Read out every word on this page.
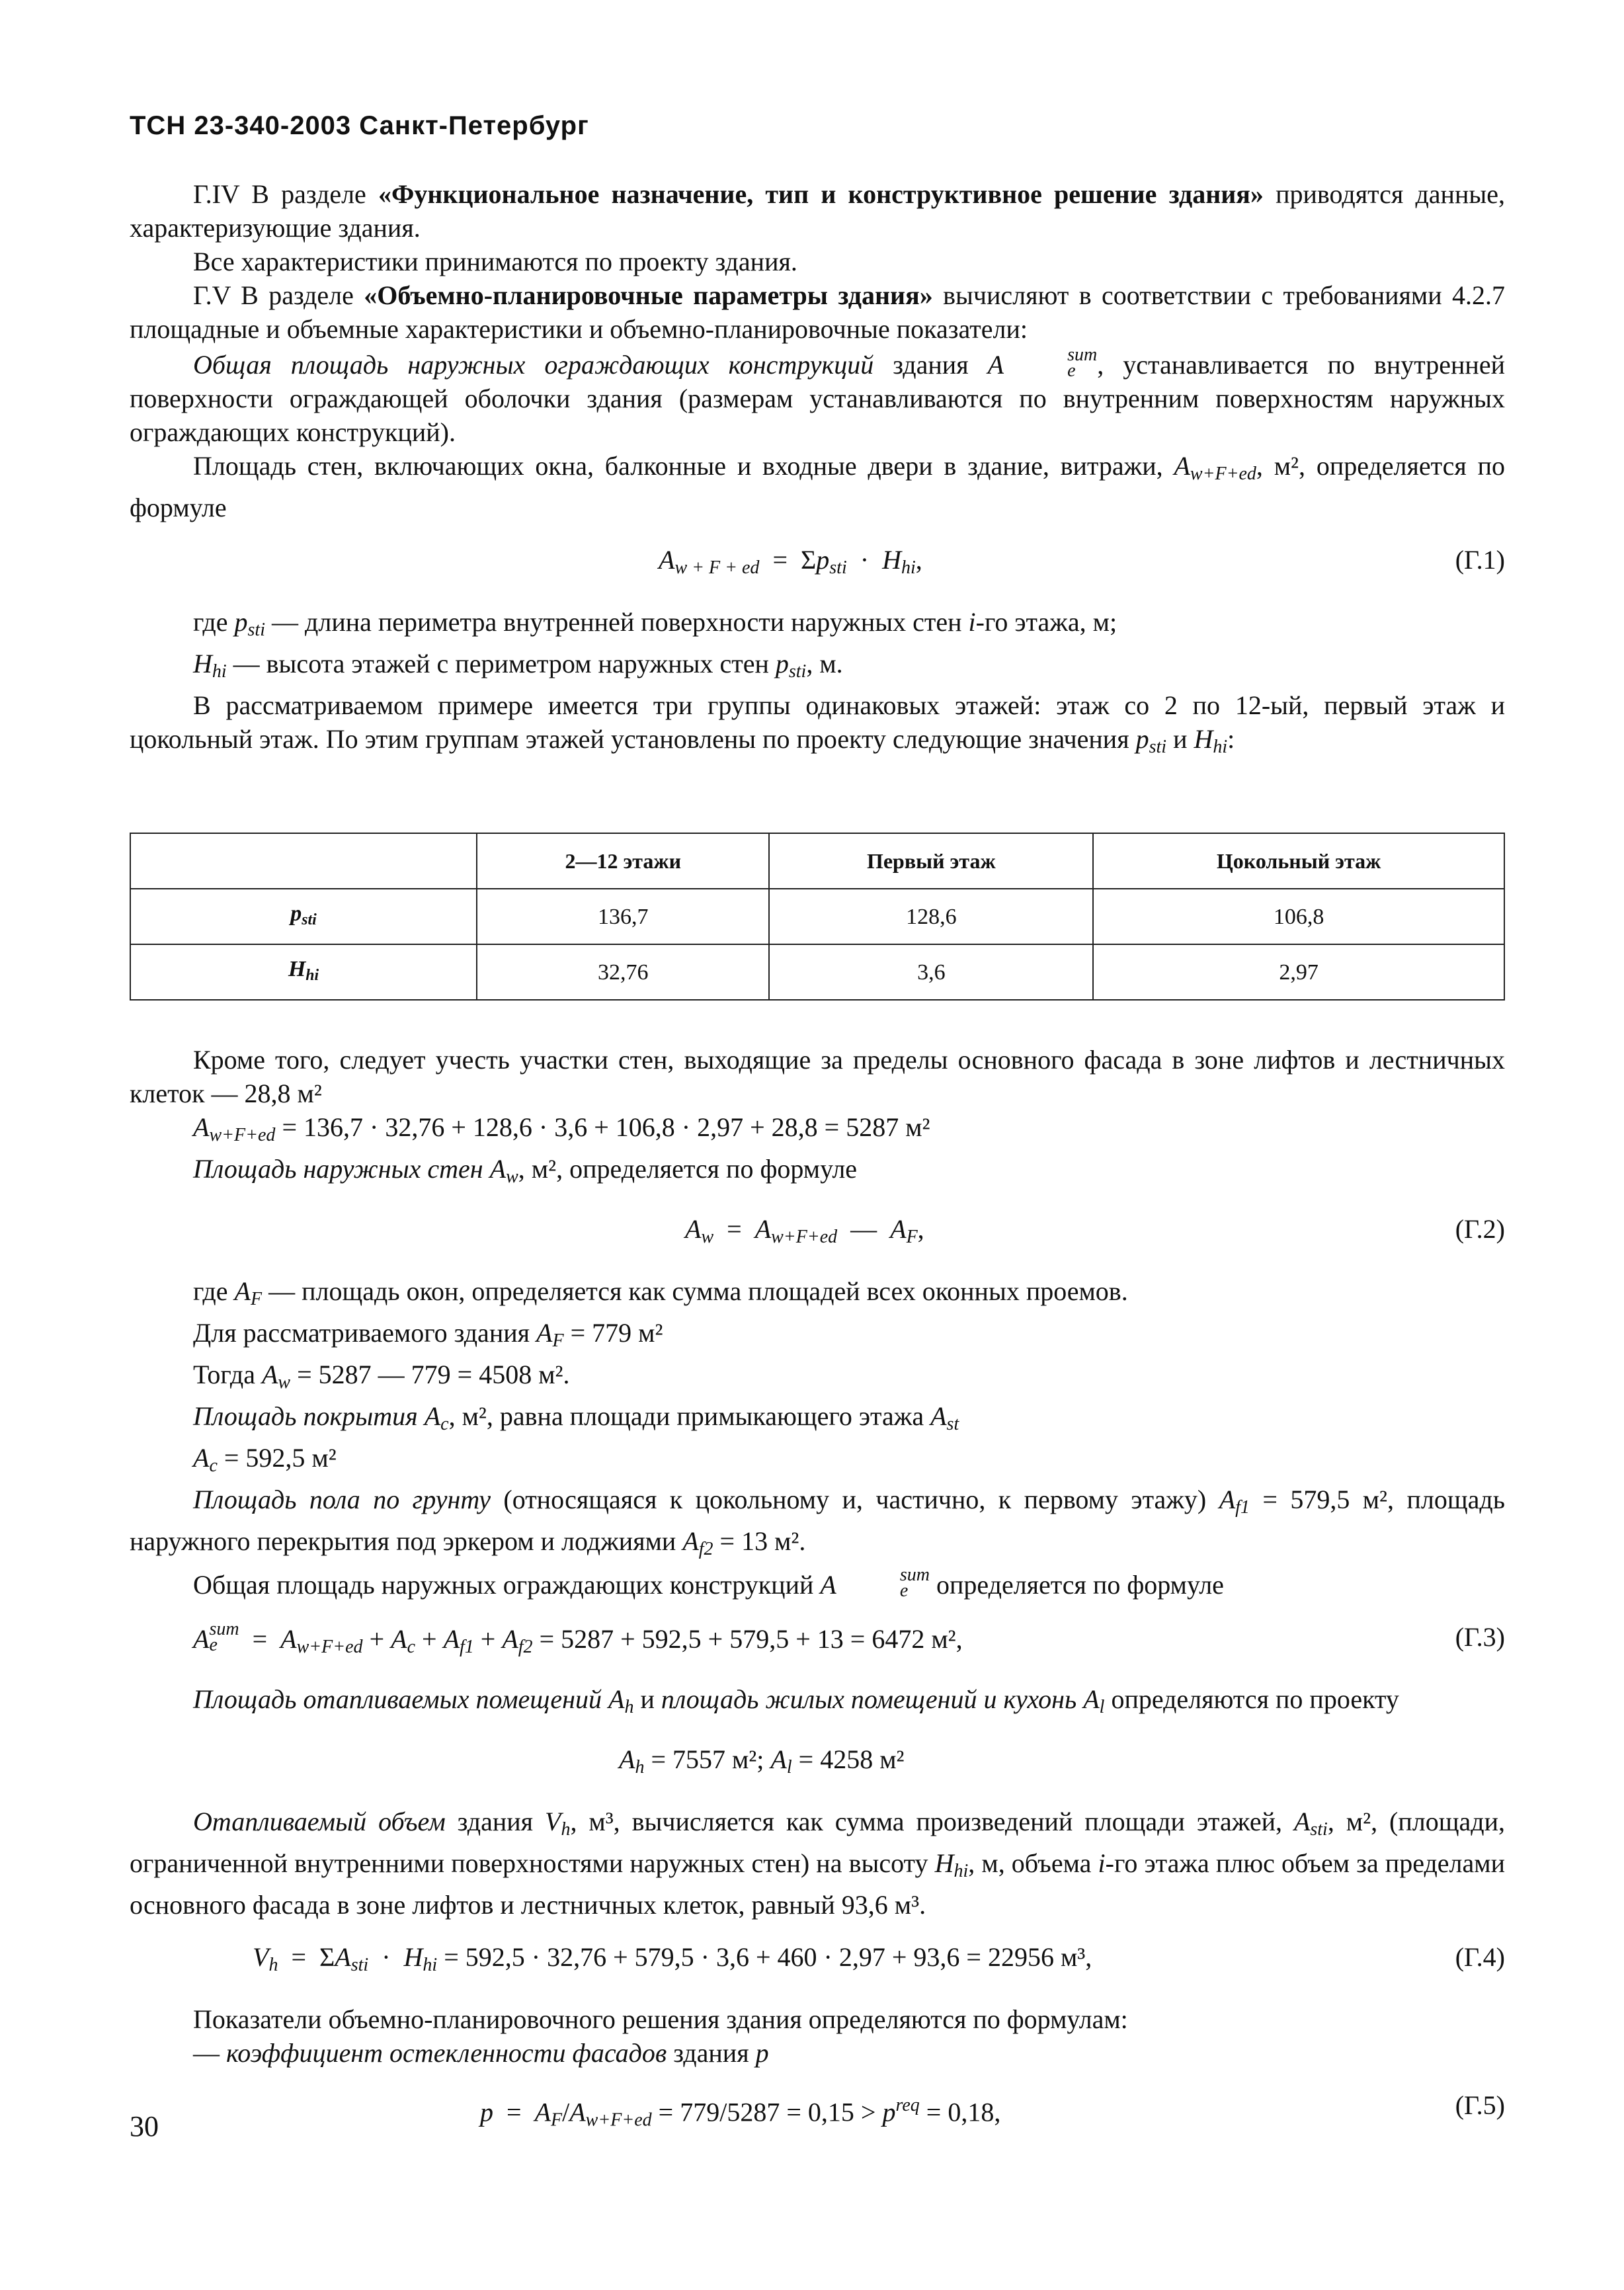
ТСН 23-340-2003 Санкт-Петербург

Г.IV В разделе «Функциональное назначение, тип и конструктивное решение здания» приводятся данные, характеризующие здания.

Все характеристики принимаются по проекту здания.

Г.V В разделе «Объемно-планировочные параметры здания» вычисляют в соответствии с требованиями 4.2.7 площадные и объемные характеристики и объемно-планировочные показатели:

Общая площадь наружных ограждающих конструкций здания A	sum
e , устанавливается по внутренней поверхности ограждающей оболочки здания (размерам устанавливаются по внутренним поверхностям наружных ограждающих конструкций).

Площадь стен, включающих окна, балконные и входные двери в здание, витражи, $A_{w+F+ed}$, м², определяется по формуле

$A_{w + F + ed} = \Sigma p_{sti} \cdot H_{hi}$,	(Г.1)

где $p_{sti}$ — длина периметра внутренней поверхности наружных стен i-го этажа, м;

$H_{hi}$ — высота этажей с периметром наружных стен $p_{sti}$, м.

В рассматриваемом примере имеется три группы одинаковых этажей: этаж со 2 по 12-ый, первый этаж и цокольный этаж. По этим группам этажей установлены по проекту следующие значения $p_{sti}$ и $H_{hi}$:

	2—12 этажи	Первый этаж	Цокольный этаж
$p_{sti}$	136,7	128,6	106,8
$H_{hi}$	32,76	3,6	2,97

Кроме того, следует учесть участки стен, выходящие за пределы основного фасада в зоне лифтов и лестничных клеток — 28,8 м²

$A_{w+F+ed} = 136,7 \cdot 32,76 + 128,6 \cdot 3,6 + 106,8 \cdot 2,97 + 28,8 = 5287$ м²

Площадь наружных стен $A_w$, м², определяется по формуле

$A_w = A_{w+F+ed}$  —  $A_F$,	(Г.2)

где $A_F$ — площадь окон, определяется как сумма площадей всех оконных проемов.

Для рассматриваемого здания $A_F = 779$ м²

Тогда $A_w = 5287$ — 779 = 4508 м².

Площадь покрытия $A_c$, м², равна площади примыкающего этажа $A_{st}$

$A_c = 592,5$ м²

Площадь пола по грунту (относящаяся к цокольному и, частично, к первому этажу) $A_{f1} = 579,5$ м², площадь наружного перекрытия под эркером и лоджиями $A_{f2} = 13$ м².

Общая площадь наружных ограждающих конструкций A	sum
e определяется по формуле

A sum
$e = A_{w+F+ed} + A_c + A_{f1} + A_{f2} = 5287 + 592,5 + 579,5 + 13 = 6472$ м²,	(Г.3)

Площадь отапливаемых помещений $A_h$ и площадь жилых помещений и кухонь $A_l$ определяются по проекту

$A_h = 7557$ м²; $A_l = 4258$ м²

Отапливаемый объем здания $V_h$, м³, вычисляется как сумма произведений площади этажей, $A_{sti}$, м², (площади, ограниченной внутренними поверхностями наружных стен) на высоту $H_{hi}$, м, объема i-го этажа плюс объем за пределами основного фасада в зоне лифтов и лестничных клеток, равный 93,6 м³.

$V_h = \Sigma A_{sti} \cdot H_{hi} = 592,5 \cdot 32,76 + 579,5 \cdot 3,6 + 460 \cdot 2,97 + 93,6 = 22956$ м³,	(Г.4)

Показатели объемно-планировочного решения здания определяются по формулам:

— коэффициент остекленности фасадов здания p

$p = A_F/A_{w+F+ed} = 779/5287 = 0,15 > p^{req} = 0,18$,	(Г.5)
30
